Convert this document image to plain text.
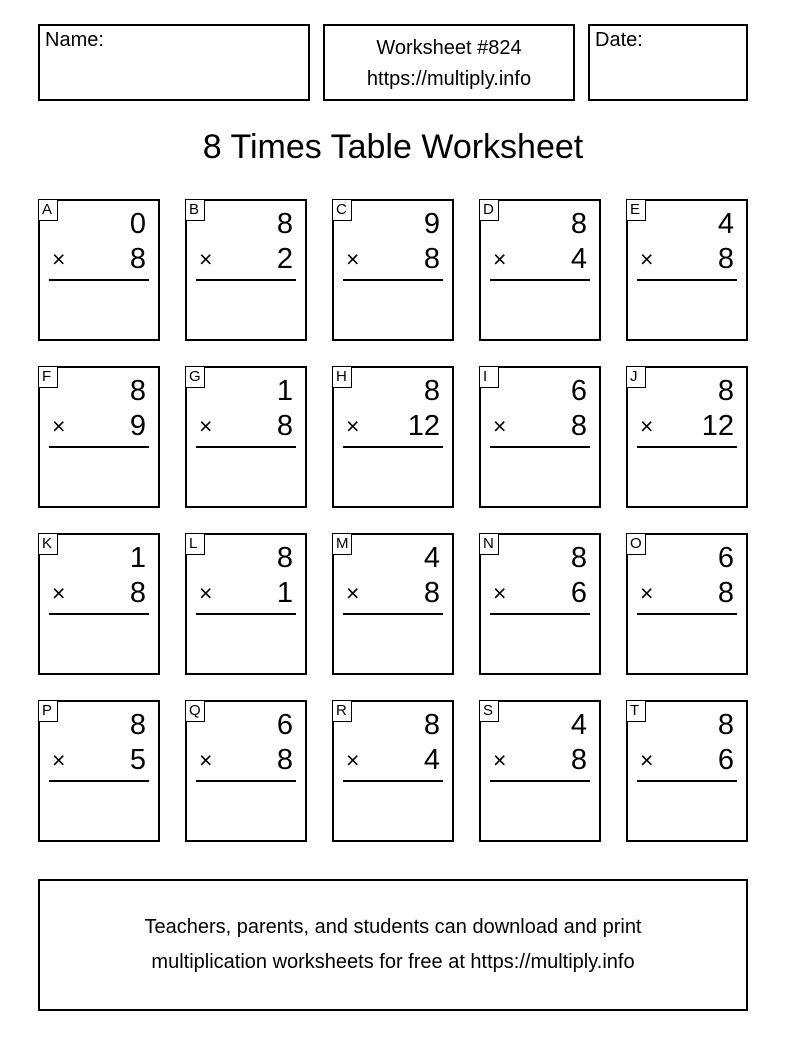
Name:	Worksheet #824
https://multiply.info
Date:
8 Times Table Worksheet
A	0
× 8
B	8
× 2
C	9
× 8
D	8
× 4
E	4
× 8
F	8
× 9
G	1
× 8
H	8
× 12
I	6
× 8
J	8
× 12
K	1
× 8
L	8
× 1
M	4
× 8
N	8
× 6
O	6
× 8
P	8
× 5
Q	6
× 8
R	8
× 4
S	4
× 8
T	8
× 6
Teachers, parents, and students can download and print
multiplication worksheets for free at https://multiply.info
